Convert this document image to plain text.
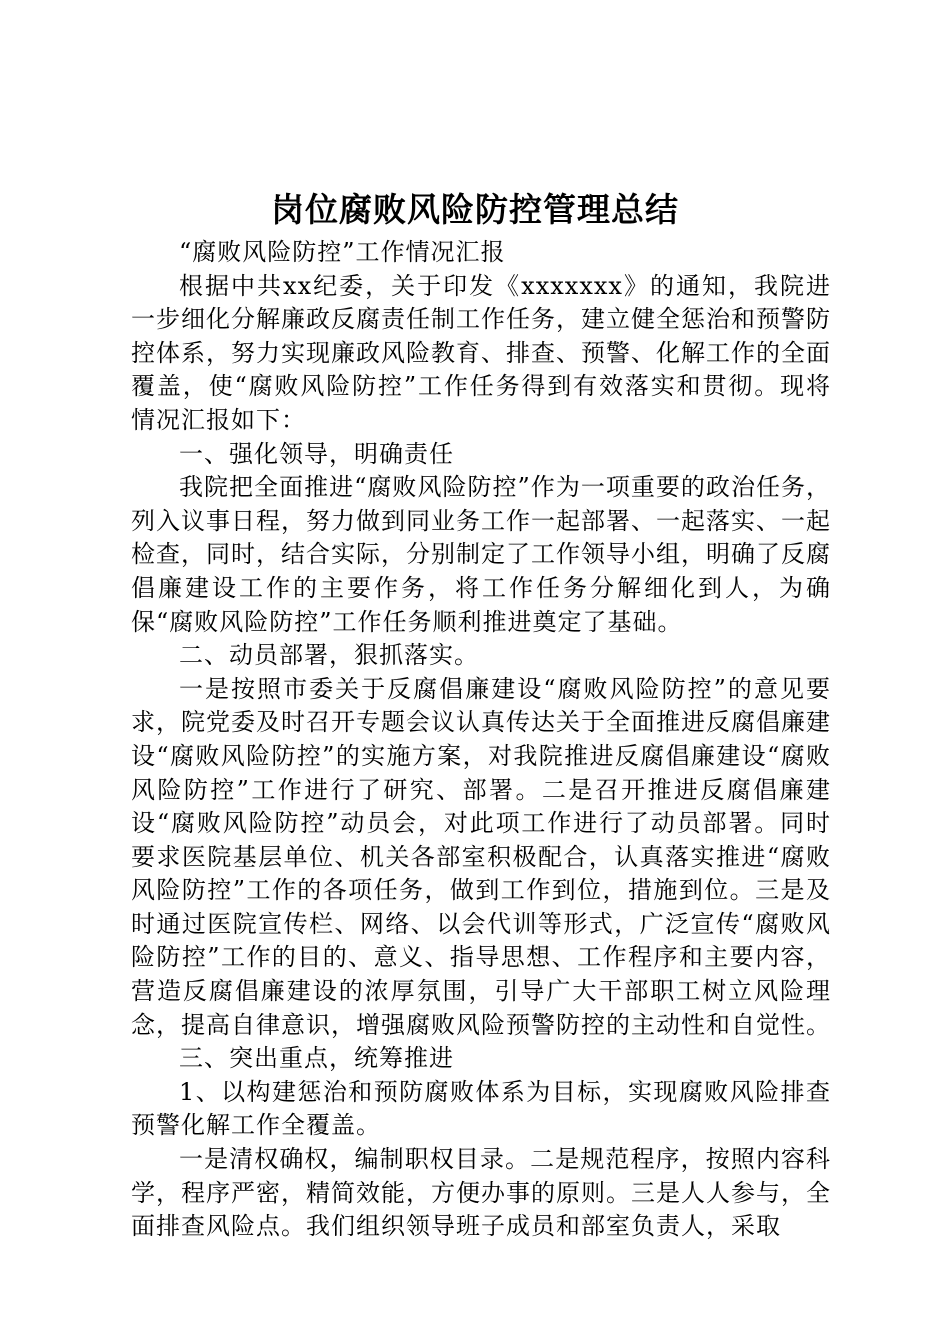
岗位腐败风险防控管理总结

“腐败风险防控”工作情况汇报

根据中共xx纪委，关于印发《xxxxxxx》的通知，我院进一步细化分解廉政反腐责任制工作任务，建立健全惩治和预警防控体系，努力实现廉政风险教育、排查、预警、化解工作的全面覆盖，使“腐败风险防控”工作任务得到有效落实和贯彻。现将情况汇报如下：

一、强化领导，明确责任

我院把全面推进“腐败风险防控”作为一项重要的政治任务，列入议事日程，努力做到同业务工作一起部署、一起落实、一起检查，同时，结合实际，分别制定了工作领导小组，明确了反腐倡廉建设工作的主要作务，将工作任务分解细化到人，为确保“腐败风险防控”工作任务顺利推进奠定了基础。

二、动员部署，狠抓落实。

一是按照市委关于反腐倡廉建设“腐败风险防控”的意见要求，院党委及时召开专题会议认真传达关于全面推进反腐倡廉建设“腐败风险防控”的实施方案，对我院推进反腐倡廉建设“腐败风险防控”工作进行了研究、部署。二是召开推进反腐倡廉建设“腐败风险防控”动员会，对此项工作进行了动员部署。同时要求医院基层单位、机关各部室积极配合，认真落实推进“腐败风险防控”工作的各项任务，做到工作到位，措施到位。三是及时通过医院宣传栏、网络、以会代训等形式，广泛宣传“腐败风险防控”工作的目的、意义、指导思想、工作程序和主要内容，营造反腐倡廉建设的浓厚氛围，引导广大干部职工树立风险理念，提高自律意识，增强腐败风险预警防控的主动性和自觉性。

三、突出重点，统筹推进

1、以构建惩治和预防腐败体系为目标，实现腐败风险排查预警化解工作全覆盖。

一是清权确权，编制职权目录。二是规范程序，按照内容科学，程序严密，精简效能，方便办事的原则。三是人人参与，全面排查风险点。我们组织领导班子成员和部室负责人，采取
